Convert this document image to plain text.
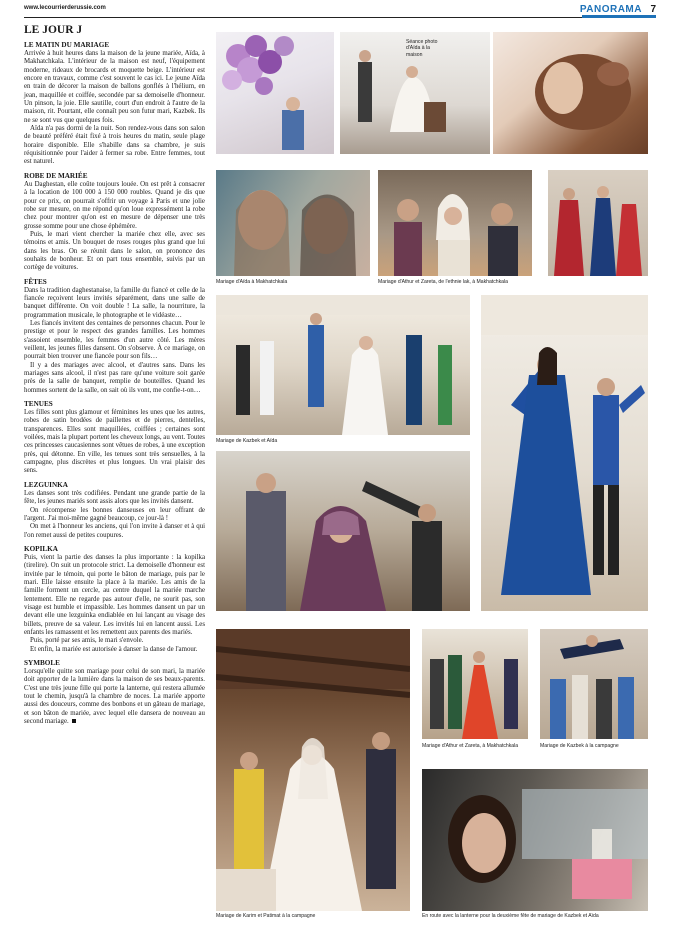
www.lecourrierderussie.com	PANORAMA 7
LE JOUR J
LE MATIN DU MARIAGE

Arrivée à huit heures dans la maison de la jeune mariée, Aïda, à Makhatchkala. L'intérieur de la maison est neuf, l'équipement moderne, rideaux de brocards et moquette beige. L'intérieur est encore en travaux, comme c'est souvent le cas ici. Le jeune Aïda en train de décorer la maison de ballons gonflés à l'hélium, en jean, maquillée et coiffée, secondée par sa demoiselle d'honneur. Un pinson, la joie. Elle sautille, court d'un endroit à l'autre de la maison, rit. Pourtant, elle connaît peu son futur mari, Kazbek. Ils ne se sont vus que quelques fois.

Aïda n'a pas dormi de la nuit. Son rendez-vous dans son salon de beauté préféré était fixé à trois heures du matin, seule plage horaire disponible. Elle s'habille dans sa chambre, je suis réquisitionnée pour l'aider à fermer sa robe. Entre femmes, tout est naturel.

ROBE DE MARIÉE

Au Daghestan, elle coûte toujours louée. On est prêt à consacrer à la location de 100 000 à 150 000 roubles. Quand je dis que pour ce prix, on pourrait s'offrir un voyage à Paris et une jolie robe sur mesure, on me répond qu'on loue expressément la robe chez pour montrer qu'on est en mesure de dépenser une très grosse somme pour une chose éphémère.

Puis, le mari vient chercher la mariée chez elle, avec ses témoins et amis. Un bouquet de roses rouges plus grand que lui dans les bras. On se réunit dans le salon, on prononce des souhaits de bonheur. Et on part tous ensemble, suivis par un cortège de voitures.

FÊTES

Dans la tradition daghestanaise, la famille du fiancé et celle de la fiancée reçoivent leurs invités séparément, dans une salle de banquet différente. On voit double ! La salle, la nourriture, la programmation musicale, le photographe et le vidéaste…

Les fiancés invitent des centaines de personnes chacun. Pour le prestige et pour le respect des grandes familles. Les hommes s'assoient ensemble, les femmes d'un autre côté. Les mères veillent, les jeunes filles dansent. On s'observe. À ce mariage, on pourrait bien trouver une fiancée pour son fils…

Il y a des mariages avec alcool, et d'autres sans. Dans les mariages sans alcool, il n'est pas rare qu'une voiture soit garée près de la salle de banquet, remplie de bouteilles. Quand les hommes sortent de la salle, on sait où ils vont, me confie-t-on…

TENUES

Les filles sont plus glamour et féminines les unes que les autres, robes de satin brodées de paillettes et de pierres, dentelles, transparences. Elles sont maquillées, coiffées ; certaines sont voilées, mais la plupart portent les cheveux longs, au vent. Toutes ces princesses caucasiennes sont vêtues de robes, à une exception près, qui détonne. En ville, les tenues sont très sensuelles, à la campagne, plus discrètes et plus longues. Un vrai plaisir des sens.

LEZGUINKA

Les danses sont très codifiées. Pendant une grande partie de la fête, les jeunes mariés sont assis alors que les invités dansent.

On récompense les bonnes danseuses en leur offrant de l'argent. J'ai moi-même gagné beaucoup, ce jour-là !

On met à l'honneur les anciens, qui l'on invite à danser et à qui l'on remet aussi de petites coupures.

KOPILKA

Puis, vient la partie des danses la plus importante : la kopilka (tirelire). On suit un protocole strict. La demoiselle d'honneur est invitée par le témoin, qui porte le bâton de mariage, puis par le mari. Elle laisse ensuite la place à la mariée. Les amis de la famille forment un cercle, au centre duquel la mariée marche lentement. Elle ne regarde pas autour d'elle, ne sourit pas, son visage est humble et impassible. Les hommes dansent un par un devant elle une lezguinka endiablée en lui lançant au visage des billets, preuve de sa valeur. Les invités lui en lancent aussi. Les enfants les ramassent et les remettent aux parents des mariés.

Puis, porté par ses amis, le mari s'envole.

Et enfin, la mariée est autorisée à danser la danse de l'amour.

SYMBOLE

Lorsqu'elle quitte son mariage pour celui de son mari, la mariée doit apporter de la lumière dans la maison de ses beaux-parents. C'est une très jeune fille qui porte la lanterne, qui restera allumée tout le chemin, jusqu'à la chambre de noces. La mariée apporte aussi des douceurs, comme des bonbons et un gâteau de mariage, et son bâton de mariée, avec lequel elle dansera de nouveau au second mariage.

Séance photo d'Aïda à la maison
Mariage d'Aïda à Makhatchkala	Mariage d'Athur et Zareta, de l'ethnie lak, à Makhatchkala
Mariage de Kazbek et Aïda
Mariage de Karim et Patimat à la campagne
Mariage d'Athur et Zareta, à Makhatchkala	Mariage de Kazbek à la campagne
En route avec la lanterne pour la deuxième fête de mariage de Kazbek et Aïda
